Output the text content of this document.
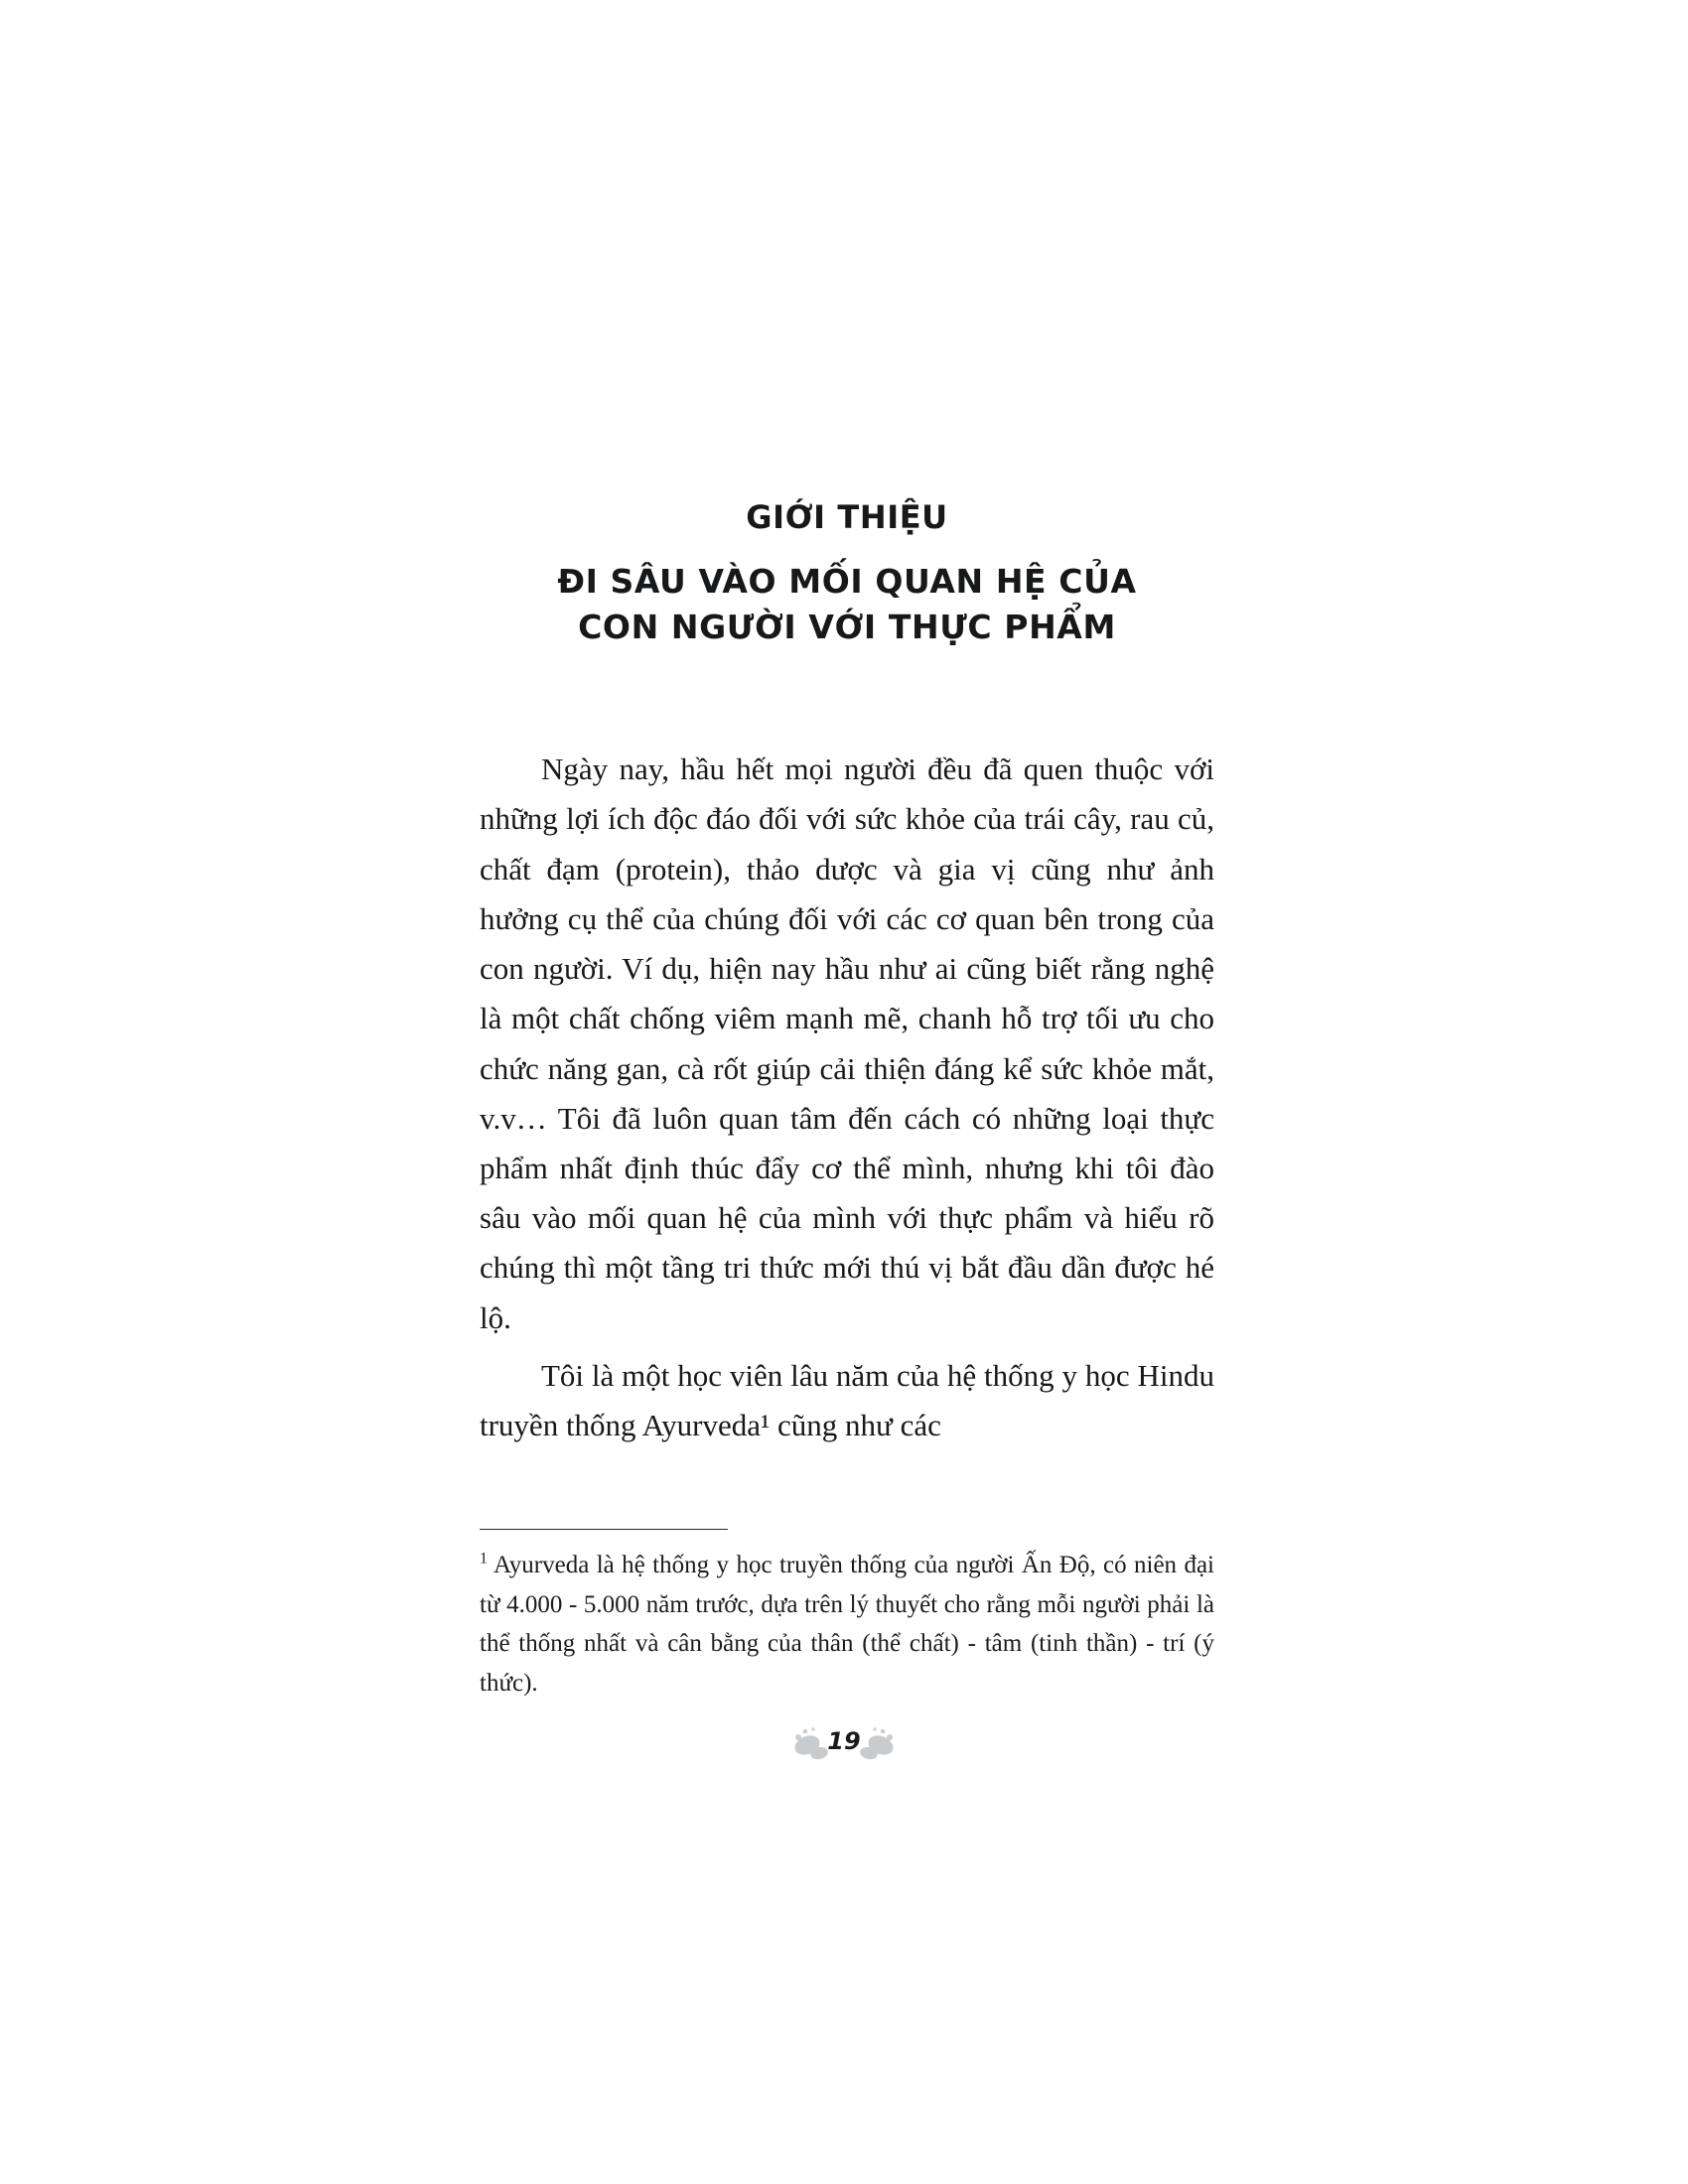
GIỚI THIỆU
ĐI SÂU VÀO MỐI QUAN HỆ CỦA
CON NGƯỜI VỚI THỰC PHẨM

Ngày nay, hầu hết mọi người đều đã quen thuộc với những lợi ích độc đáo đối với sức khỏe của trái cây, rau củ, chất đạm (protein), thảo dược và gia vị cũng như ảnh hưởng cụ thể của chúng đối với các cơ quan bên trong của con người. Ví dụ, hiện nay hầu như ai cũng biết rằng nghệ là một chất chống viêm mạnh mẽ, chanh hỗ trợ tối ưu cho chức năng gan, cà rốt giúp cải thiện đáng kể sức khỏe mắt, v.v… Tôi đã luôn quan tâm đến cách có những loại thực phẩm nhất định thúc đẩy cơ thể mình, nhưng khi tôi đào sâu vào mối quan hệ của mình với thực phẩm và hiểu rõ chúng thì một tầng tri thức mới thú vị bắt đầu dần được hé lộ.

Tôi là một học viên lâu năm của hệ thống y học Hindu truyền thống Ayurveda¹ cũng như các

$^1$ Ayurveda là hệ thống y học truyền thống của người Ấn Độ, có niên đại từ 4.000 - 5.000 năm trước, dựa trên lý thuyết cho rằng mỗi người phải là thể thống nhất và cân bằng của thân (thể chất) - tâm (tinh thần) - trí (ý thức).
19
